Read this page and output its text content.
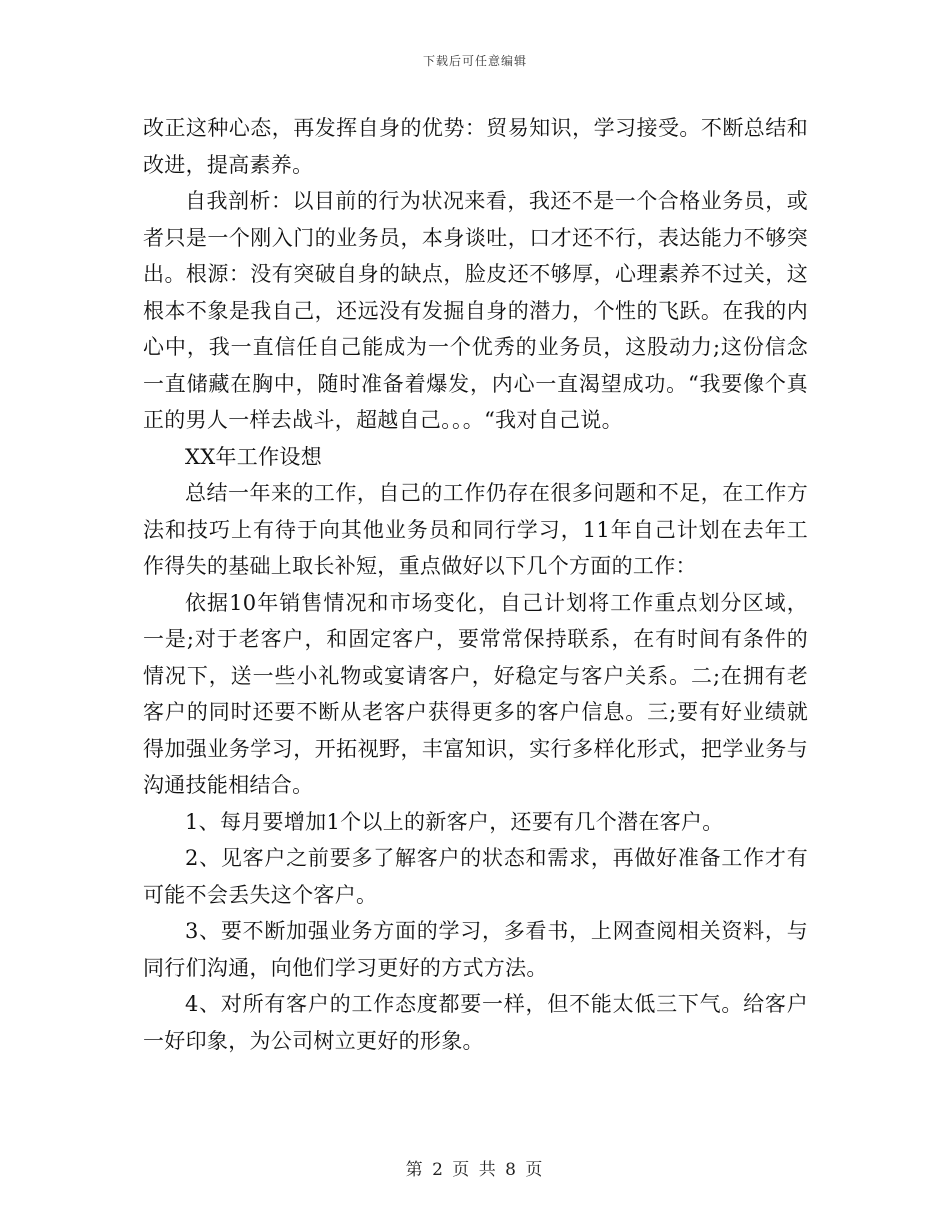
下载后可任意编辑

改正这种心态，再发挥自身的优势：贸易知识，学习接受。不断总结和改进，提高素养。

自我剖析：以目前的行为状况来看，我还不是一个合格业务员，或者只是一个刚入门的业务员，本身谈吐，口才还不行，表达能力不够突出。根源：没有突破自身的缺点，脸皮还不够厚，心理素养不过关，这根本不象是我自己，还远没有发掘自身的潜力，个性的飞跃。在我的内心中，我一直信任自己能成为一个优秀的业务员，这股动力;这份信念一直储藏在胸中，随时准备着爆发，内心一直渴望成功。“我要像个真正的男人一样去战斗，超越自己。。。“我对自己说。

XX年工作设想

总结一年来的工作，自己的工作仍存在很多问题和不足，在工作方法和技巧上有待于向其他业务员和同行学习，11年自己计划在去年工作得失的基础上取长补短，重点做好以下几个方面的工作：

依据10年销售情况和市场变化，自己计划将工作重点划分区域，一是;对于老客户，和固定客户，要常常保持联系，在有时间有条件的情况下，送一些小礼物或宴请客户，好稳定与客户关系。二;在拥有老客户的同时还要不断从老客户获得更多的客户信息。三;要有好业绩就得加强业务学习，开拓视野，丰富知识，实行多样化形式，把学业务与沟通技能相结合。

1、每月要增加1个以上的新客户，还要有几个潜在客户。

2、见客户之前要多了解客户的状态和需求，再做好准备工作才有可能不会丢失这个客户。

3、要不断加强业务方面的学习，多看书，上网查阅相关资料，与同行们沟通，向他们学习更好的方式方法。

4、对所有客户的工作态度都要一样，但不能太低三下气。给客户一好印象，为公司树立更好的形象。

第 2 页 共 8 页
